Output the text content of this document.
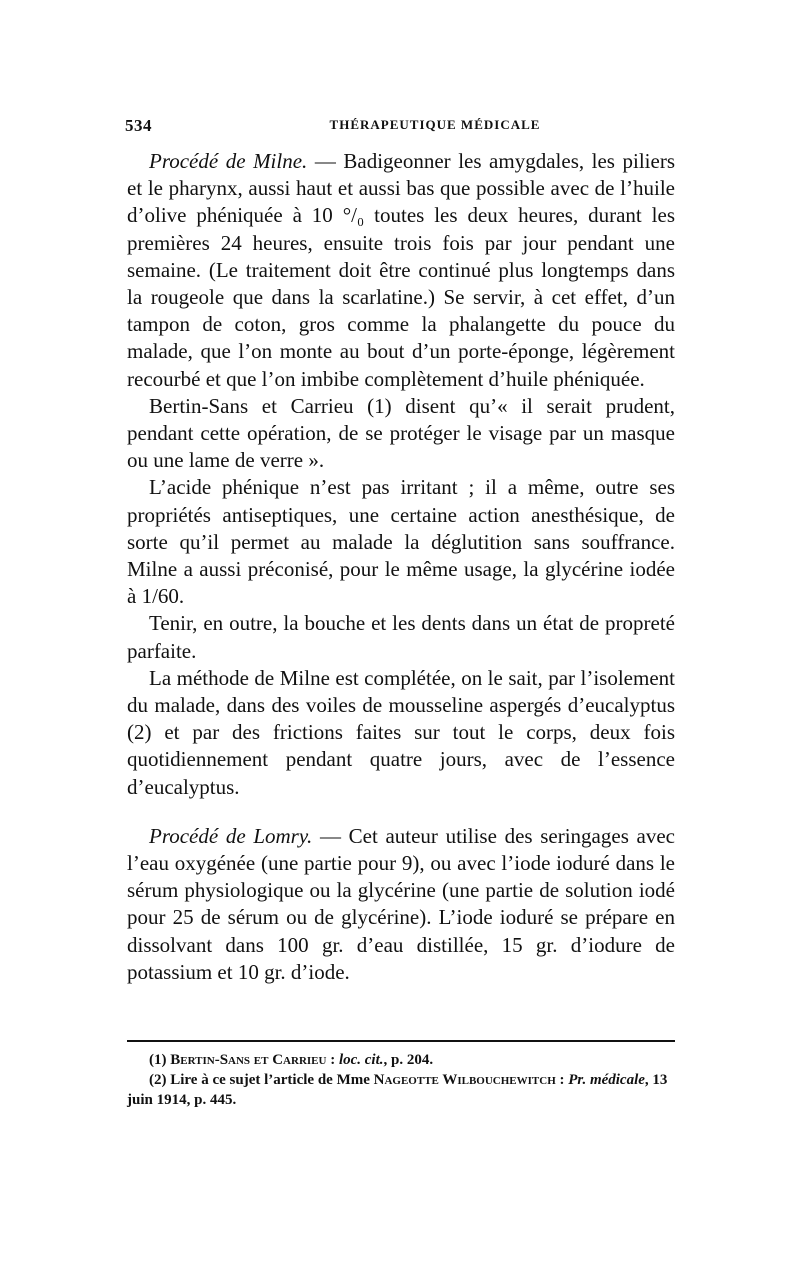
534	THÉRAPEUTIQUE MÉDICALE

Procédé de Milne. — Badigeonner les amygdales, les piliers et le pharynx, aussi haut et aussi bas que possible avec de l’huile d’olive phéniquée à 10 °/₀ toutes les deux heures, durant les premières 24 heures, ensuite trois fois par jour pendant une semaine. (Le traitement doit être continué plus longtemps dans la rougeole que dans la scarlatine.) Se servir, à cet effet, d’un tampon de coton, gros comme la phalangette du pouce du malade, que l’on monte au bout d’un porte-éponge, légèrement recourbé et que l’on imbibe complètement d’huile phéniquée.

Bertin-Sans et Carrieu (1) disent qu’« il serait prudent, pendant cette opération, de se protéger le visage par un masque ou une lame de verre ».

L’acide phénique n’est pas irritant ; il a même, outre ses propriétés antiseptiques, une certaine action anesthésique, de sorte qu’il permet au malade la déglutition sans souffrance. Milne a aussi préconisé, pour le même usage, la glycérine iodée à 1/60.

Tenir, en outre, la bouche et les dents dans un état de propreté parfaite.

La méthode de Milne est complétée, on le sait, par l’isolement du malade, dans des voiles de mousseline aspergés d’eucalyptus (2) et par des frictions faites sur tout le corps, deux fois quotidiennement pendant quatre jours, avec de l’essence d’eucalyptus.

Procédé de Lomry. — Cet auteur utilise des seringages avec l’eau oxygénée (une partie pour 9), ou avec l’iode ioduré dans le sérum physiologique ou la glycérine (une partie de solution iodé pour 25 de sérum ou de glycérine). L’iode ioduré se prépare en dissolvant dans 100 gr. d’eau distillée, 15 gr. d’iodure de potassium et 10 gr. d’iode.

(1) Bertin-Sans et Carrieu : loc. cit., p. 204.
(2) Lire à ce sujet l’article de Mme Nageotte Wilbouchewitch : Pr. médicale, 13 juin 1914, p. 445.
